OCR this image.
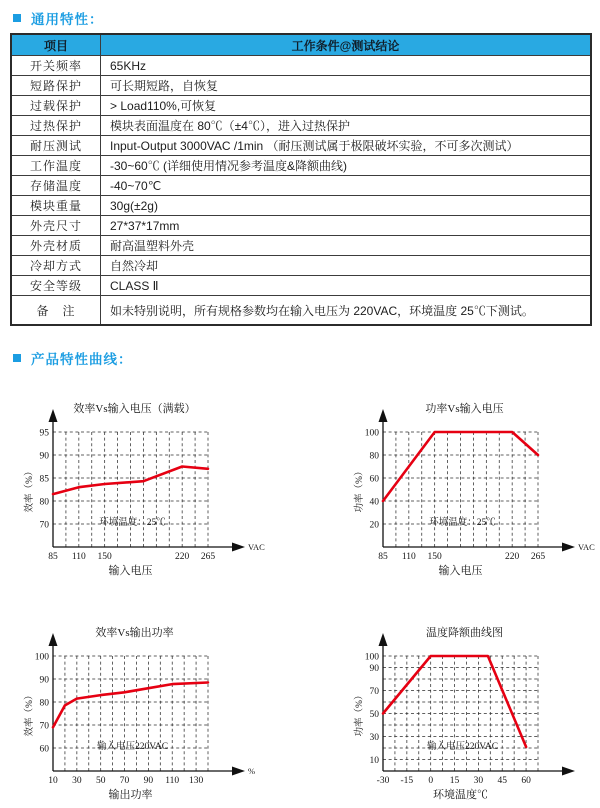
通用特性：
项目	工作条件@测试结论
开关频率	65KHz
短路保护	可长期短路，自恢复
过载保护	> Load110%,可恢复
过热保护	模块表面温度在 80℃（±4℃），进入过热保护
耐压测试	Input-Output 3000VAC /1min （耐压测试属于极限破坏实验，不可多次测试）
工作温度	-30~60℃ (详细使用情况参考温度&降额曲线)
存储温度	-40~70℃
模块重量	30g(±2g)
外壳尺寸	27*37*17mm
外壳材质	耐高温塑料外壳
冷却方式	自然冷却
安全等级	CLASS Ⅱ
备　注	如未特别说明，所有规格参数均在输入电压为 220VAC，环境温度 25℃下测试。
产品特性曲线：
VAC
95
90
85
80
70
85 110 150	220 265
效率Vs输入电压（满载）
效率（%）
输入电压
环境温度：25℃
VAC
100
80
60
40
20
85 110 150	220 265
功率Vs输入电压
功率（%）
输入电压
环境温度：25℃
%
100
90
80
70
60
10 30 50 70 90 110 130
效率Vs输出功率
效率（%）
输出功率
输入电压220VAC
100
90
70
50
30
10
-30 -15 0 15 30 45 60
温度降额曲线图
功率（%）
环境温度℃
输入电压220VAC
